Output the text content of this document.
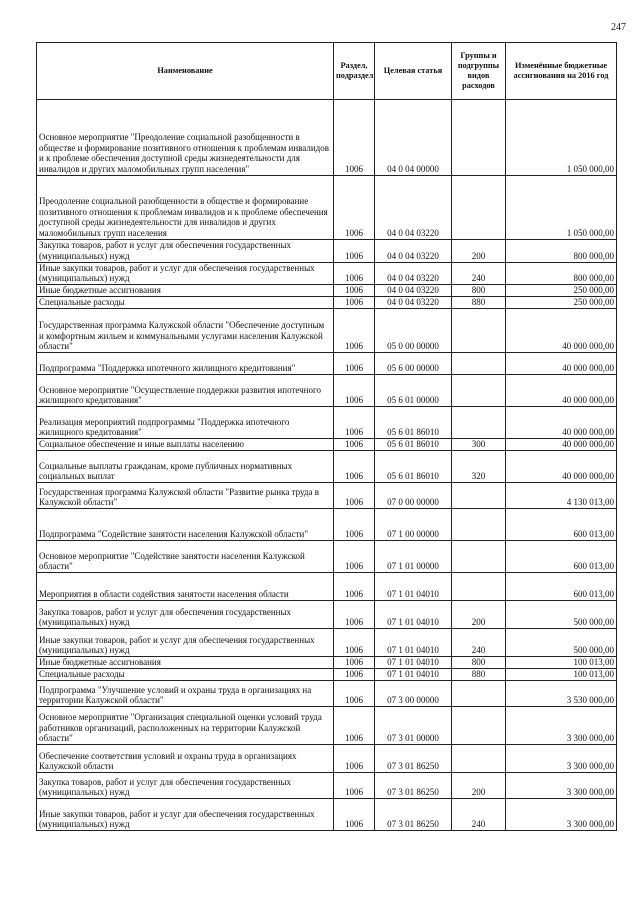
247
Наименование	Раздел, подраздел	Целевая статья	Группы и подгруппы видов расходов	Изменённые бюджетные ассигнования на 2016 год
Основное мероприятие "Преодоление социальной разобщенности в обществе и формирование позитивного отношения к проблемам инвалидов и к проблеме обеспечения доступной среды жизнедеятельности для инвалидов и других маломобильных групп населения"	1006	04 0 04 00000		1 050 000,00
Преодоление социальной разобщенности в обществе и формирование позитивного отношения к проблемам инвалидов и к проблеме обеспечения доступной среды жизнедеятельности для инвалидов и других маломобильных групп населения	1006	04 0 04 03220		1 050 000,00
Закупка товаров, работ и услуг для обеспечения государственных (муниципальных) нужд	1006	04 0 04 03220	200	800 000,00
Иные закупки товаров, работ и услуг для обеспечения государственных (муниципальных) нужд	1006	04 0 04 03220	240	800 000,00
Иные бюджетные ассигнования	1006	04 0 04 03220	800	250 000,00
Специальные расходы	1006	04 0 04 03220	880	250 000,00
Государственная программа Калужской области "Обеспечение доступным и комфортным жильем и коммунальными услугами населения Калужской области"	1006	05 0 00 00000		40 000 000,00
Подпрограмма "Поддержка ипотечного жилищного кредитования"	1006	05 6 00 00000		40 000 000,00
Основное мероприятие "Осуществление поддержки развития ипотечного жилищного кредитования"	1006	05 6 01 00000		40 000 000,00
Реализация мероприятий подпрограммы "Поддержка ипотечного жилищного кредитования"	1006	05 6 01 86010		40 000 000,00
Социальное обеспечение и иные выплаты населению	1006	05 6 01 86010	300	40 000 000,00
Социальные выплаты гражданам, кроме публичных нормативных социальных выплат	1006	05 6 01 86010	320	40 000 000,00
Государственная программа Калужской области "Развитие рынка труда в Калужской области"	1006	07 0 00 00000		4 130 013,00
Подпрограмма "Содействие занятости населения Калужской области"	1006	07 1 00 00000		600 013,00
Основное мероприятие "Содействие занятости населения Калужской области"	1006	07 1 01 00000		600 013,00
Мероприятия в области содействия занятости населения области	1006	07 1 01 04010		600 013,00
Закупка товаров, работ и услуг для обеспечения государственных (муниципальных) нужд	1006	07 1 01 04010	200	500 000,00
Иные закупки товаров, работ и услуг для обеспечения государственных (муниципальных) нужд	1006	07 1 01 04010	240	500 000,00
Иные бюджетные ассигнования	1006	07 1 01 04010	800	100 013,00
Специальные расходы	1006	07 1 01 04010	880	100 013,00
Подпрограмма "Улучшение условий и охраны труда в организациях на территории Калужской области"	1006	07 3 00 00000		3 530 000,00
Основное мероприятие "Организация специальной оценки условий труда работников организаций, расположенных на территории Калужской области"	1006	07 3 01 00000		3 300 000,00
Обеспечение соответствия условий и охраны труда в организациях Калужской области	1006	07 3 01 86250		3 300 000,00
Закупка товаров, работ и услуг для обеспечения государственных (муниципальных) нужд	1006	07 3 01 86250	200	3 300 000,00
Иные закупки товаров, работ и услуг для обеспечения государственных (муниципальных) нужд	1006	07 3 01 86250	240	3 300 000,00
